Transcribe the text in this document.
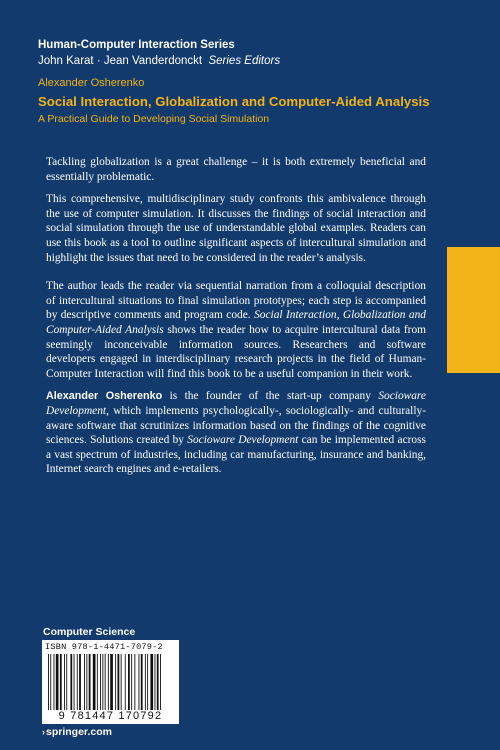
Human-Computer Interaction Series
John Karat · Jean Vanderdonckt Series Editors
Alexander Osherenko
Social Interaction, Globalization and Computer-Aided Analysis
A Practical Guide to Developing Social Simulation

Tackling globalization is a great challenge – it is both extremely beneficial and essentially problematic.

This comprehensive, multidisciplinary study confronts this ambivalence through the use of computer simulation. It discusses the findings of social interaction and social simulation through the use of understandable global examples. Readers can use this book as a tool to outline significant aspects of intercultural simulation and highlight the issues that need to be considered in the reader’s analysis.

The author leads the reader via sequential narration from a colloquial description of intercultural situations to final simulation prototypes; each step is accompanied by descriptive comments and program code. Social Interaction, Globalization and Computer-Aided Analysis shows the reader how to acquire intercultural data from seemingly inconceivable information sources. Researchers and software developers engaged in interdisciplinary research projects in the field of Human-Computer Interaction will find this book to be a useful companion in their work.

Alexander Osherenko is the founder of the start-up company Socioware Development, which implements psychologically-, sociologically- and culturally- aware software that scrutinizes information based on the findings of the cognitive sciences. Solutions created by Socioware Development can be implemented across a vast spectrum of industries, including car manufacturing, insurance and banking, Internet search engines and e-retailers.

Computer Science
ISBN 978-1-4471-7079-2
9 781447 170792
›springer.com
